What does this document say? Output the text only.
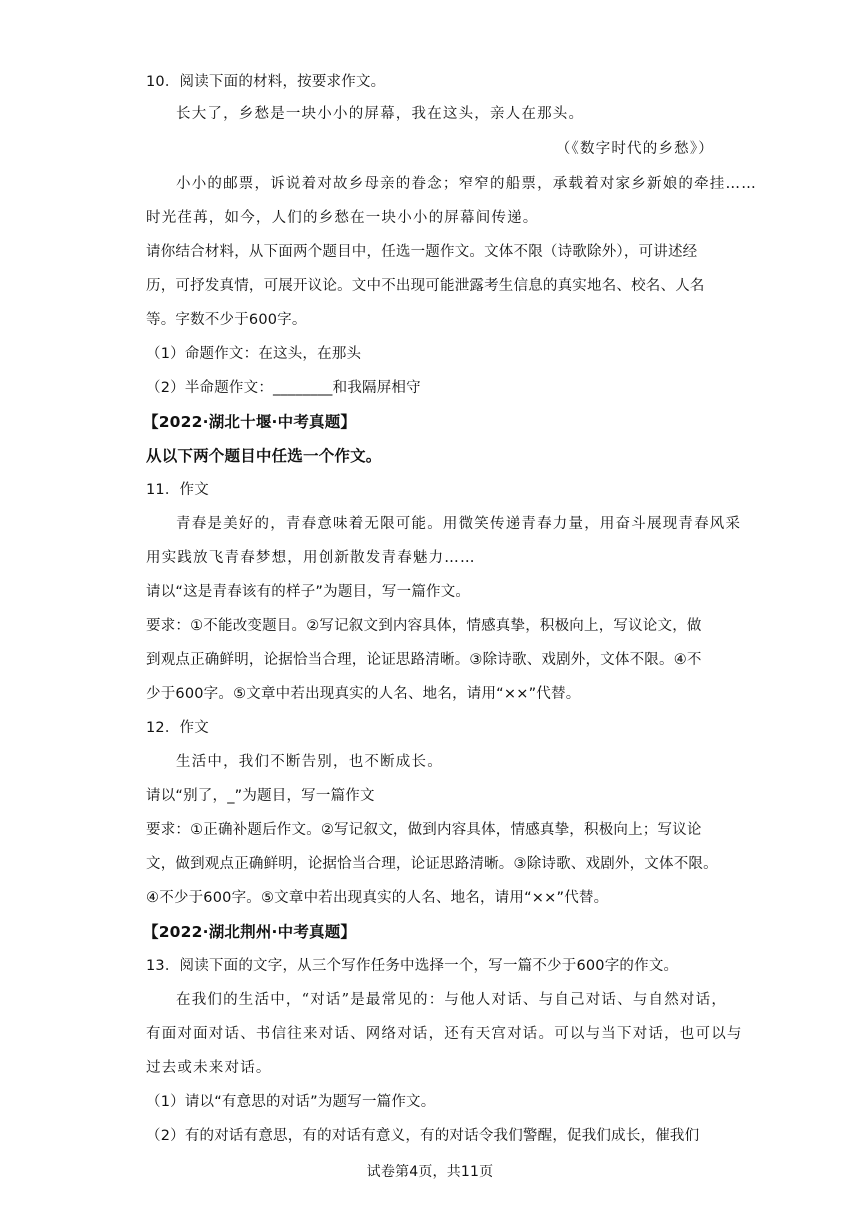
10．阅读下面的材料，按要求作文。
长大了，乡愁是一块小小的屏幕，我在这头，亲人在那头。
（《数字时代的乡愁》）
小小的邮票，诉说着对故乡母亲的眷念；窄窄的船票，承载着对家乡新娘的牵挂……
时光荏苒，如今，人们的乡愁在一块小小的屏幕间传递。
请你结合材料，从下面两个题目中，任选一题作文。文体不限（诗歌除外），可讲述经
历，可抒发真情，可展开议论。文中不出现可能泄露考生信息的真实地名、校名、人名
等。字数不少于600字。
（1）命题作文：在这头，在那头
（2）半命题作文：________和我隔屏相守
【2022·湖北十堰·中考真题】
从以下两个题目中任选一个作文。
11．作文
青春是美好的，青春意味着无限可能。用微笑传递青春力量，用奋斗展现青春风采
用实践放飞青春梦想，用创新散发青春魅力……
请以“这是青春该有的样子”为题目，写一篇作文。
要求：①不能改变题目。②写记叙文到内容具体，情感真挚，积极向上，写议论文，做
到观点正确鲜明，论据恰当合理，论证思路清晰。③除诗歌、戏剧外，文体不限。④不
少于600字。⑤文章中若出现真实的人名、地名，请用“××”代替。
12．作文
生活中，我们不断告别，也不断成长。
请以“别了，_”为题目，写一篇作文
要求：①正确补题后作文。②写记叙文，做到内容具体，情感真挚，积极向上；写议论
文，做到观点正确鲜明，论据恰当合理，论证思路清晰。③除诗歌、戏剧外，文体不限。
④不少于600字。⑤文章中若出现真实的人名、地名，请用“××”代替。
【2022·湖北荆州·中考真题】
13．阅读下面的文字，从三个写作任务中选择一个，写一篇不少于600字的作文。
在我们的生活中，“对话”是最常见的：与他人对话、与自己对话、与自然对话，
有面对面对话、书信往来对话、网络对话，还有天宫对话。可以与当下对话，也可以与
过去或未来对话。
（1）请以“有意思的对话”为题写一篇作文。
（2）有的对话有意思，有的对话有意义，有的对话令我们警醒，促我们成长，催我们
试卷第4页，共11页
